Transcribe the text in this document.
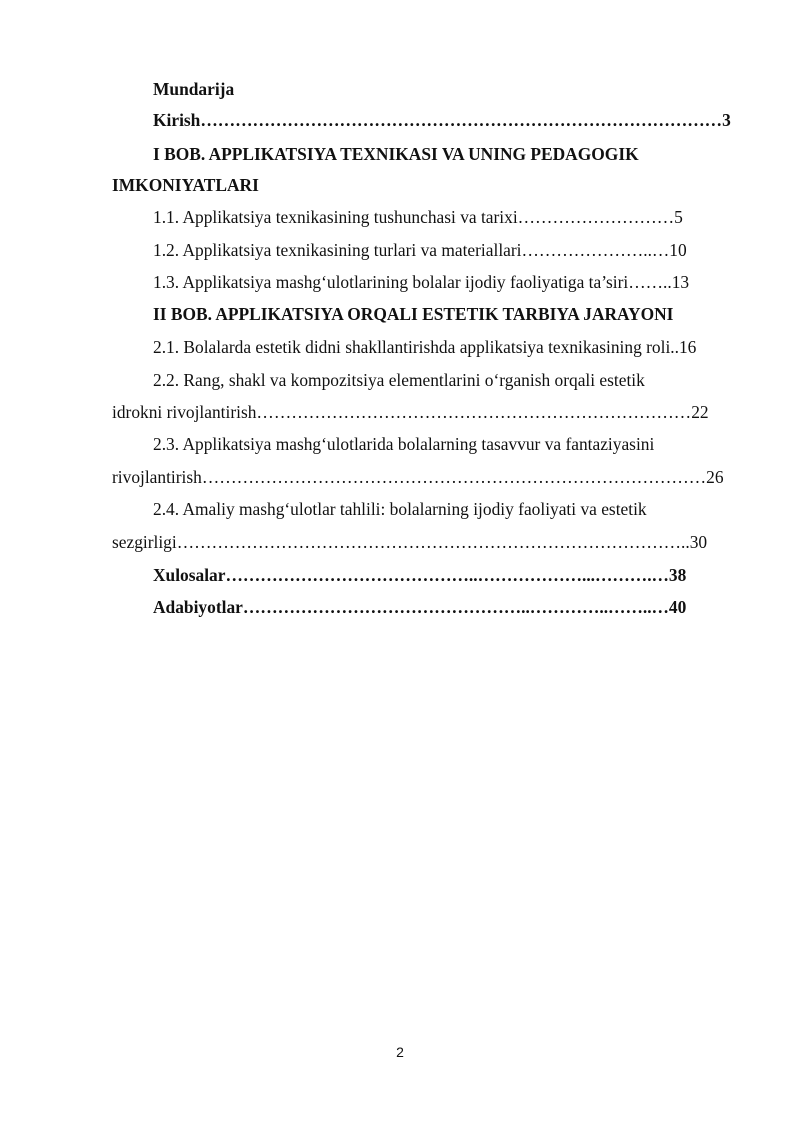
Mundarija
Kirish………………………………………………………………………………3
I BOB. APPLIKATSIYA TEXNIKASI VA UNING PEDAGOGIK
IMKONIYATLARI
1.1. Applikatsiya texnikasining tushunchasi va tarixi………………………5
1.2. Applikatsiya texnikasining turlari va materiallari…………………..…10
1.3. Applikatsiya mashg‘ulotlarining bolalar ijodiy faoliyatiga ta’siri……..13
II BOB. APPLIKATSIYA ORQALI ESTETIK TARBIYA JARAYONI
2.1. Bolalarda estetik didni shakllantirishda applikatsiya texnikasining roli..16
2.2. Rang, shakl va kompozitsiya elementlarini o‘rganish orqali estetik
idrokni rivojlantirish…………………………………………………………………22
2.3. Applikatsiya mashg‘ulotlarida bolalarning tasavvur va fantaziyasini
rivojlantirish……………………………………………………………………………26
2.4. Amaliy mashg‘ulotlar tahlili: bolalarning ijodiy faoliyati va estetik
sezgirligi……………………………………………………………………………..30
Xulosalar……………………………………..………………...……….…38
Adabiyotlar…………………………………………..…………..……..…40
2
